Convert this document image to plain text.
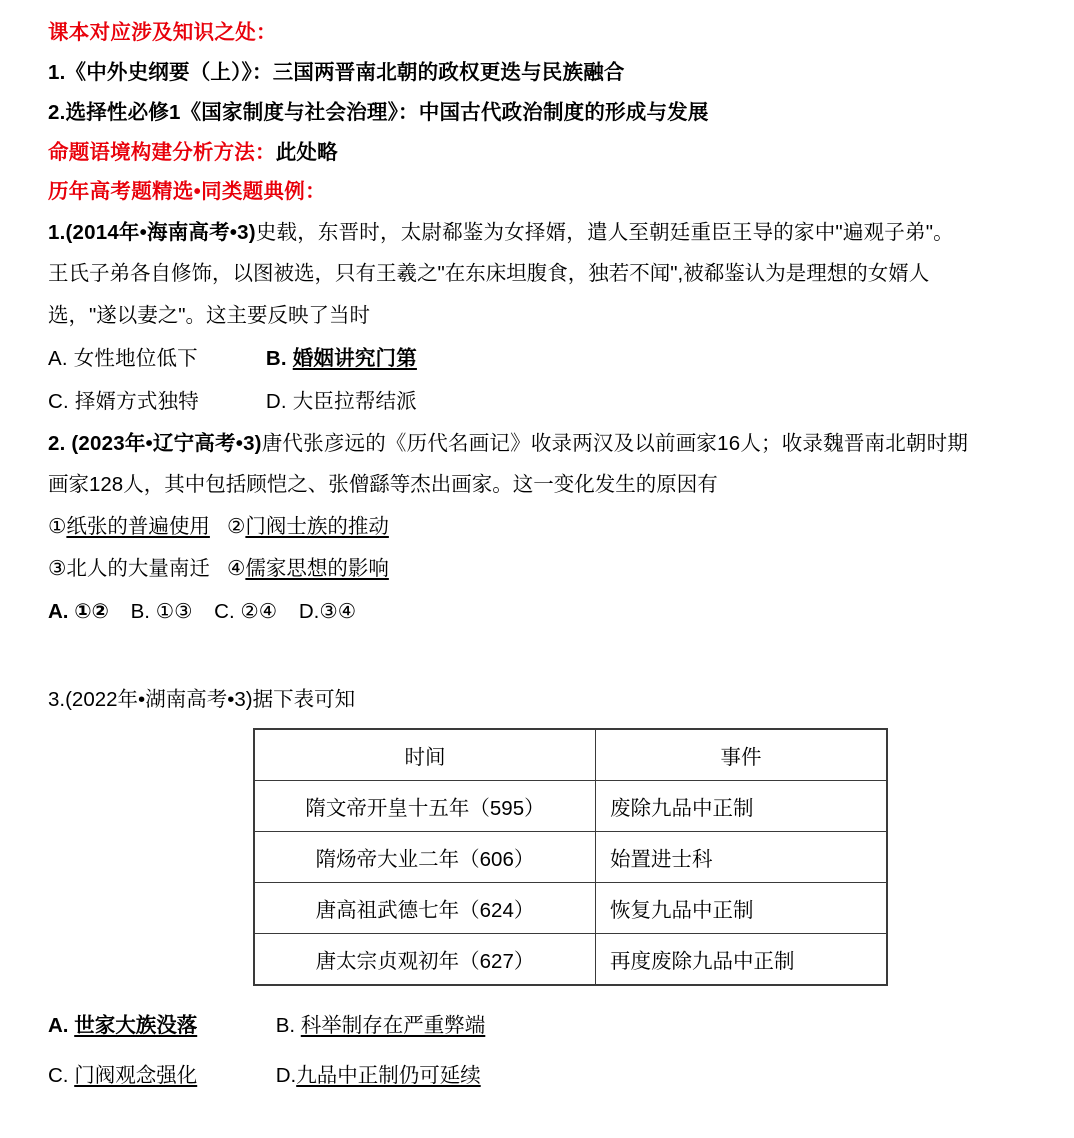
课本对应涉及知识之处：
1.《中外史纲要（上）》：三国两晋南北朝的政权更迭与民族融合
2.选择性必修1《国家制度与社会治理》：中国古代政治制度的形成与发展
命题语境构建分析方法：此处略
历年高考题精选•同类题典例：
1.(2014年•海南高考•3)史载，东晋时，太尉郗鉴为女择婿，遣人至朝廷重臣王导的家中"遍观子弟"。
王氏子弟各自修饰，以图被选，只有王羲之"在东床坦腹食，独若不闻",被郗鉴认为是理想的女婿人
选，"遂以妻之"。这主要反映了当时
A. 女性地位低下	B. 婚姻讲究门第
C. 择婿方式独特	D. 大臣拉帮结派
2. (2023年•辽宁高考•3)唐代张彦远的《历代名画记》收录两汉及以前画家16人；收录魏晋南北朝时期
画家128人，其中包括顾恺之、张僧繇等杰出画家。这一变化发生的原因有
①纸张的普遍使用 ②门阀士族的推动
③北人的大量南迁 ④儒家思想的影响
A. ①② B. ①③ C. ②④ D.③④
3.(2022年•湖南高考•3)据下表可知
时间	事件
隋文帝开皇十五年（595）	废除九品中正制
隋炀帝大业二年（606）	始置进士科
唐高祖武德七年（624）	恢复九品中正制
唐太宗贞观初年（627）	再度废除九品中正制
A. 世家大族没落	B. 科举制存在严重弊端
C. 门阀观念强化	D.九品中正制仍可延续
